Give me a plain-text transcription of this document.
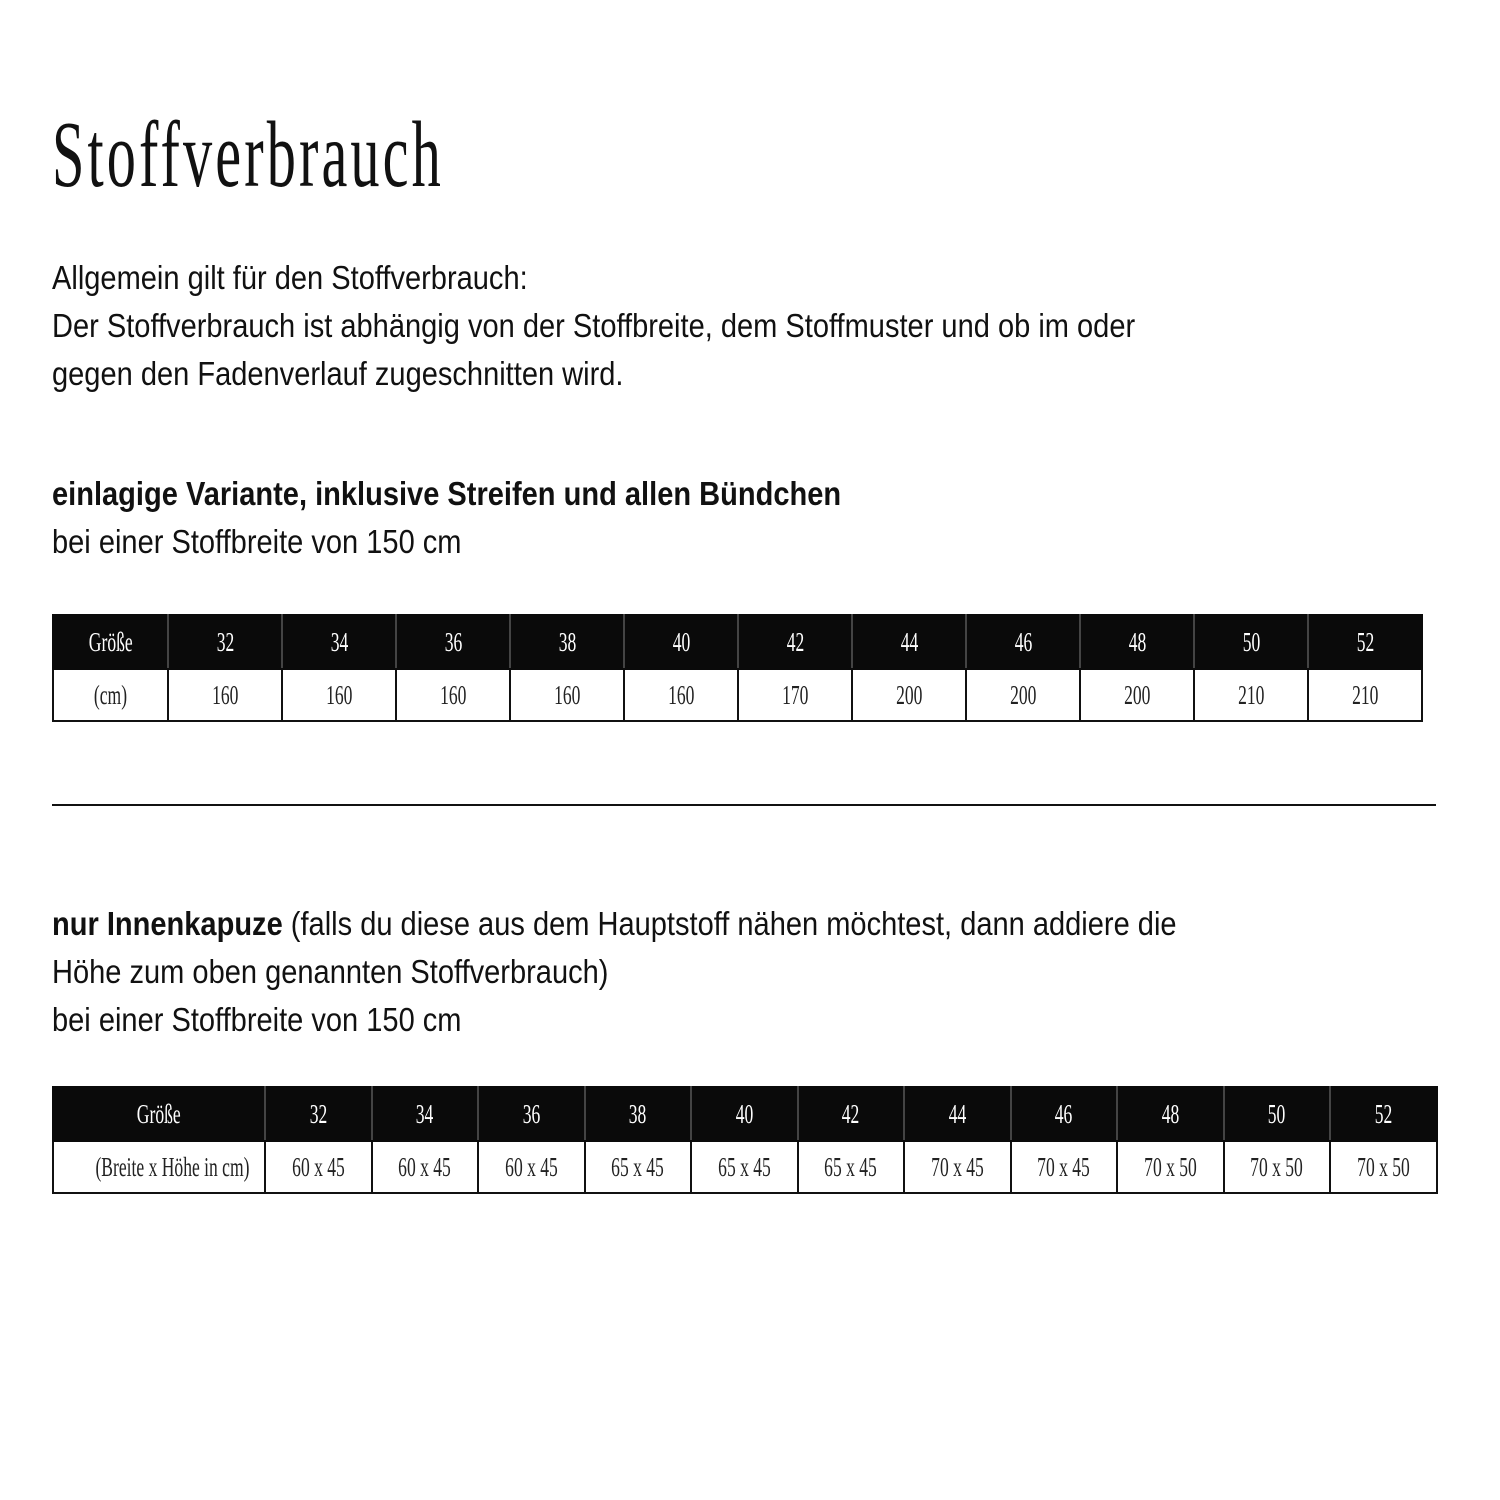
Stoffverbrauch
Allgemein gilt für den Stoffverbrauch:
Der Stoffverbrauch ist abhängig von der Stoffbreite, dem Stoffmuster und ob im oder
gegen den Fadenverlauf zugeschnitten wird.
einlagige Variante, inklusive Streifen und allen Bündchen
bei einer Stoffbreite von 150 cm
Größe	32	34	36	38	40	42	44	46	48	50	52
(cm)	160	160	160	160	160	170	200	200	200	210	210
nur Innenkapuze (falls du diese aus dem Hauptstoff nähen möchtest, dann addiere die
Höhe zum oben genannten Stoffverbrauch)
bei einer Stoffbreite von 150 cm
Größe	32	34	36	38	40	42	44	46	48	50	52
(Breite x Höhe in cm)	60 x 45	60 x 45	60 x 45	65 x 45	65 x 45	65 x 45	70 x 45	70 x 45	70 x 50	70 x 50	70 x 50
